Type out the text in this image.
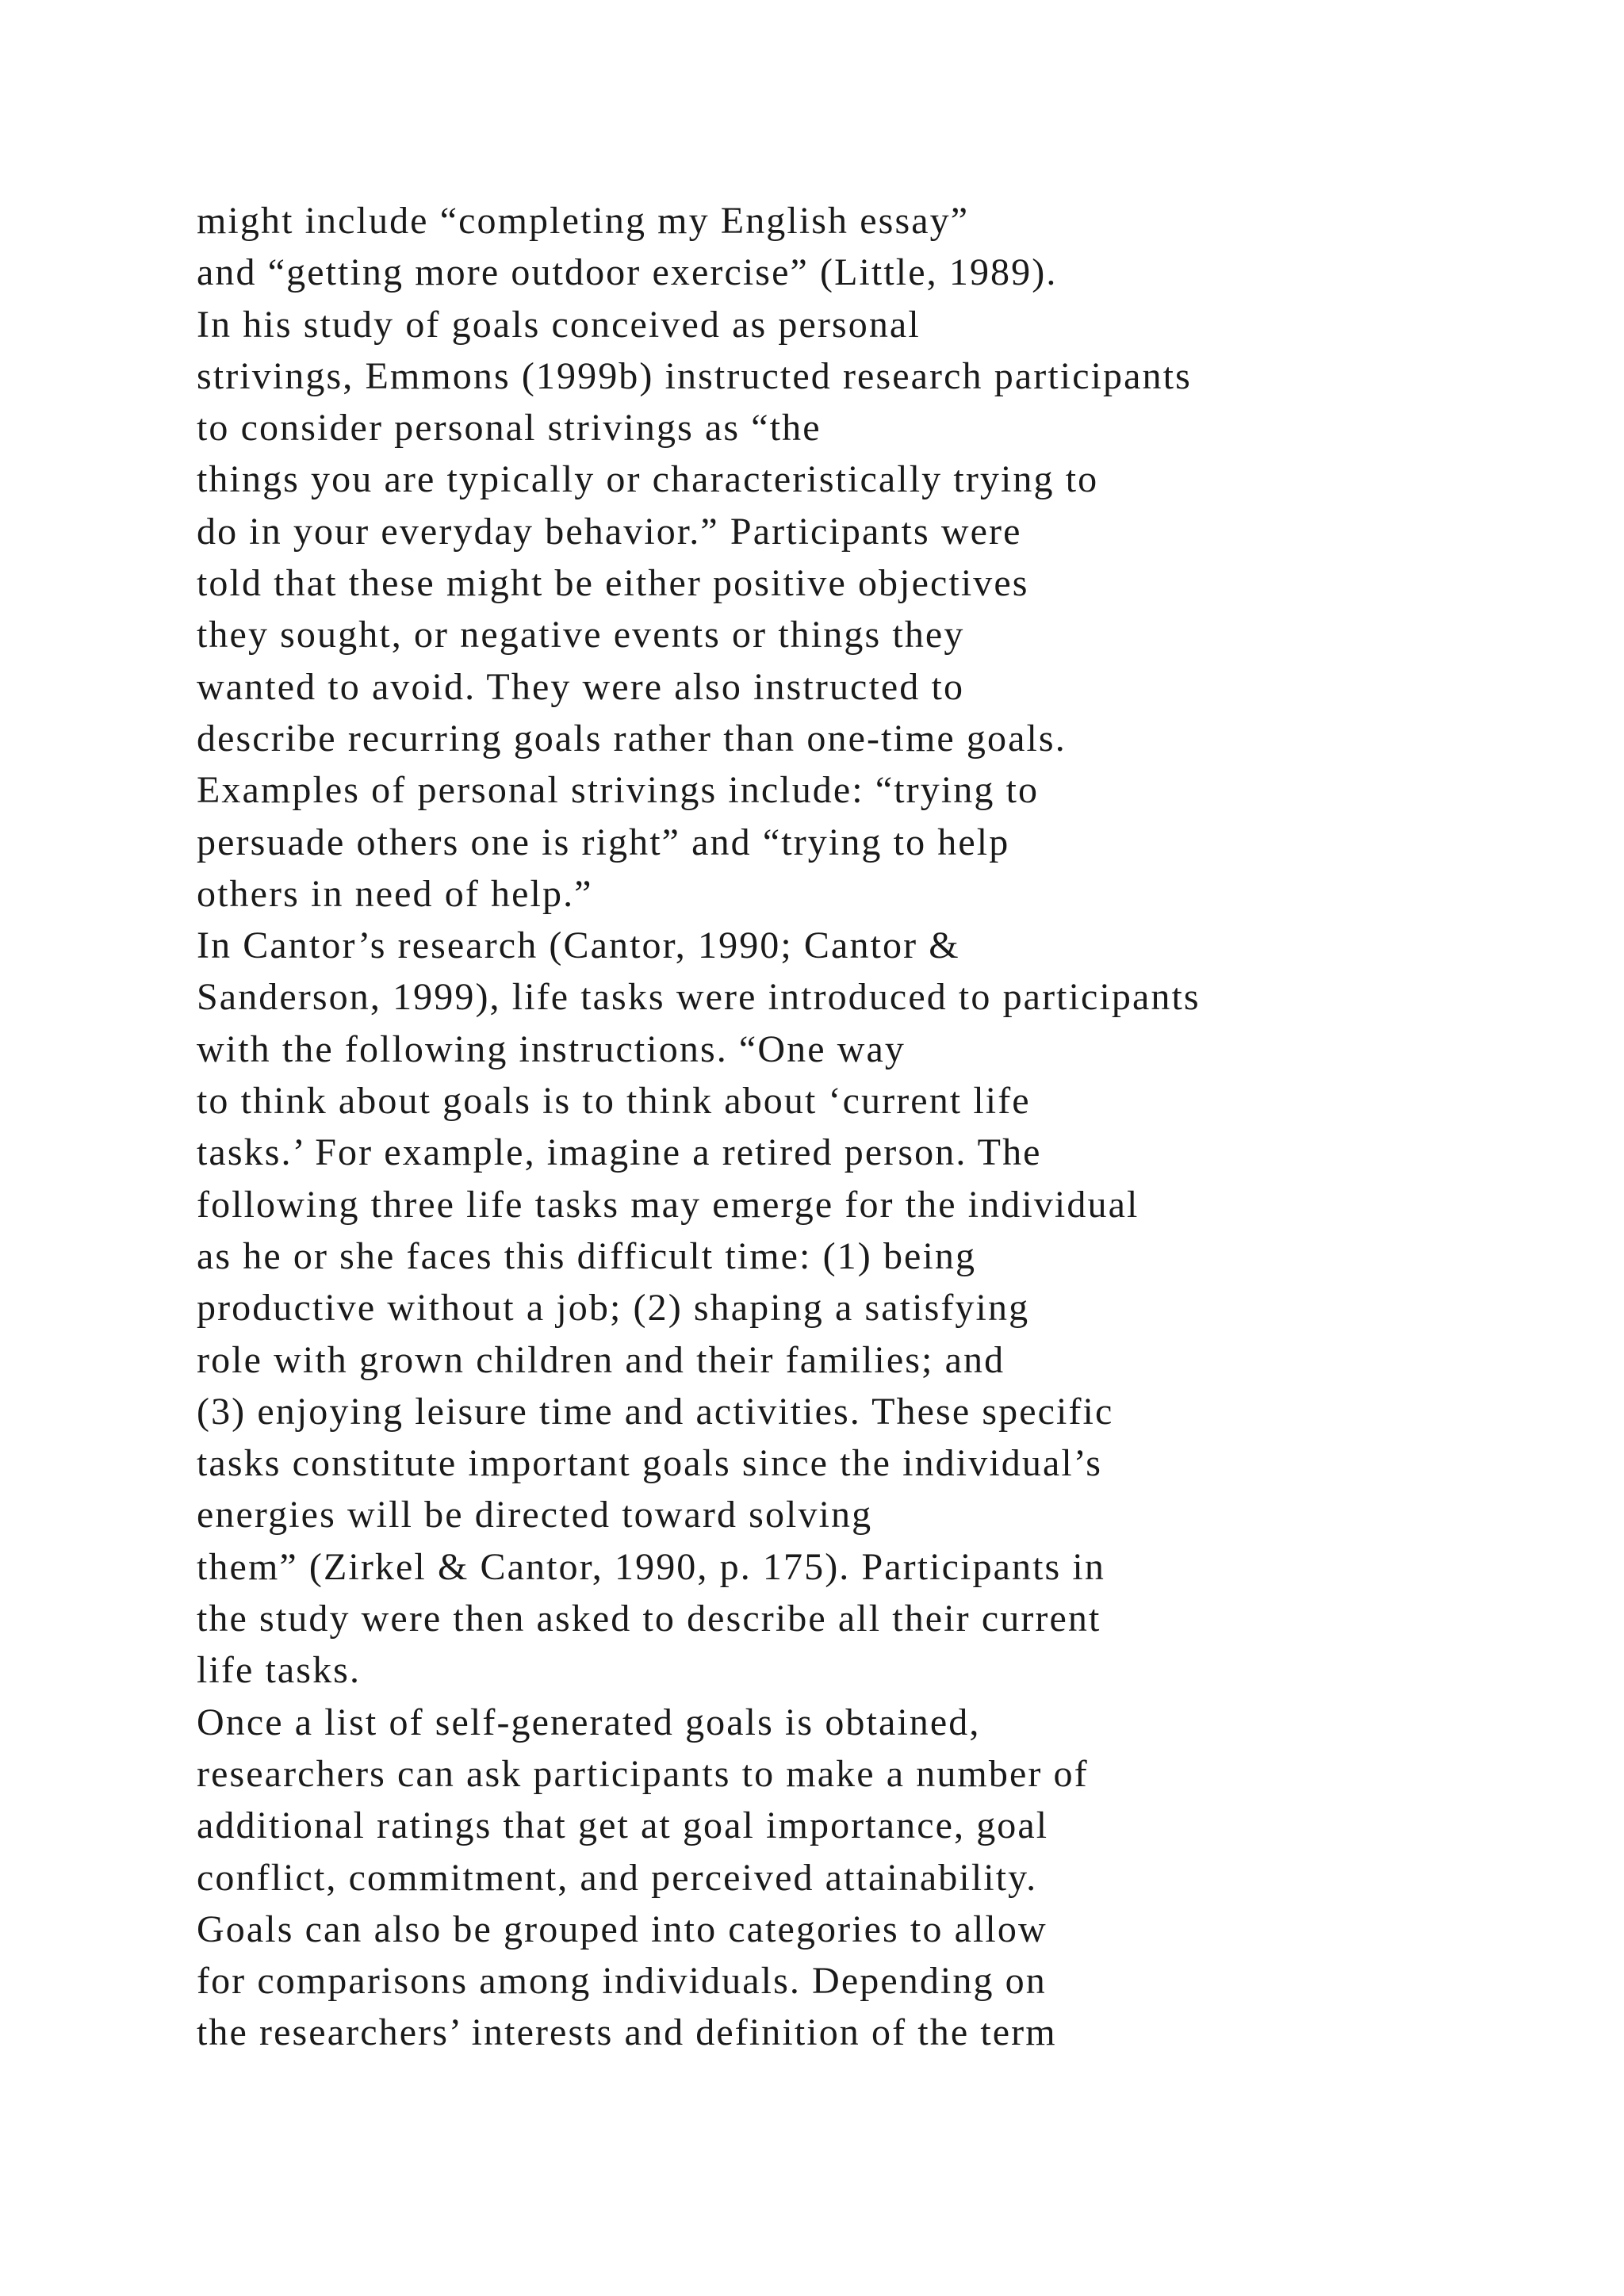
might include “completing my English essay”
and “getting more outdoor exercise” (Little, 1989).
In his study of goals conceived as personal
strivings, Emmons (1999b) instructed research participants
to consider personal strivings as “the
things you are typically or characteristically trying to
do in your everyday behavior.” Participants were
told that these might be either positive objectives
they sought, or negative events or things they
wanted to avoid. They were also instructed to
describe recurring goals rather than one-time goals.
Examples of personal strivings include: “trying to
persuade others one is right” and “trying to help
others in need of help.”
In Cantor’s research (Cantor, 1990; Cantor &
Sanderson, 1999), life tasks were introduced to participants
with the following instructions. “One way
to think about goals is to think about ‘current life
tasks.’ For example, imagine a retired person. The
following three life tasks may emerge for the individual
as he or she faces this difficult time: (1) being
productive without a job; (2) shaping a satisfying
role with grown children and their families; and
(3) enjoying leisure time and activities. These specific
tasks constitute important goals since the individual’s
energies will be directed toward solving
them” (Zirkel & Cantor, 1990, p. 175). Participants in
the study were then asked to describe all their current
life tasks.
Once a list of self-generated goals is obtained,
researchers can ask participants to make a number of
additional ratings that get at goal importance, goal
conflict, commitment, and perceived attainability.
Goals can also be grouped into categories to allow
for comparisons among individuals. Depending on
the researchers’ interests and definition of the term
